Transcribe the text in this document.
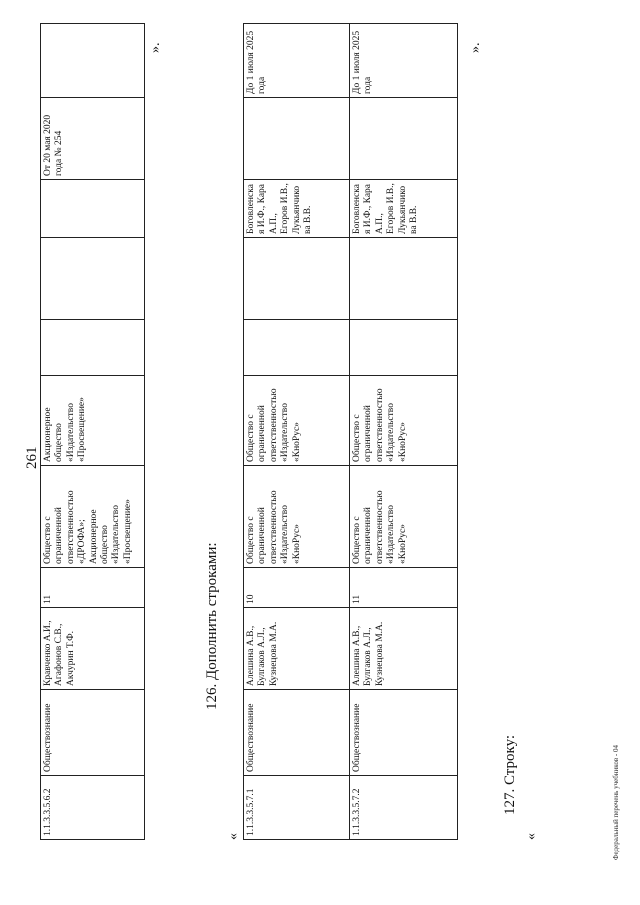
261
1.1.3.3.5.6.2	Обществознание	Кравченко А.И., Агафонов С.В., Акчурин Т.Ф.	11	Общество с ограниченной ответственностью «ДРОФА»; Акционерное общество «Издательство «Просвещение»	Акционерное общество «Издательство «Просвещение»				От 20 мая 2020 года № 254	
».
126. Дополнить строками:
«
1.1.3.3.5.7.1	Обществознание	Алешина А.В., Булгаков А.Л., Кузнецова М.А.	10	Общество с ограниченной ответственностью «Издательство «КноРус»	Общество с ограниченной ответственностью «Издательство «КноРус»			Боговленская И.Ф., Кара А.П., Егоров И.В., Лукьянчикова В.В.		До 1 июля 2025 года
1.1.3.3.5.7.2	Обществознание	Алешина А.В., Булгаков А.Л., Кузнецова М.А.	11	Общество с ограниченной ответственностью «Издательство «КноРус»	Общество с ограниченной ответственностью «Издательство «КноРус»			Боговленская И.Ф., Кара А.П., Егоров И.В., Лукьянчикова В.В.		До 1 июля 2025 года
».
127. Строку:
«	Федеральный перечень учебников - 04
